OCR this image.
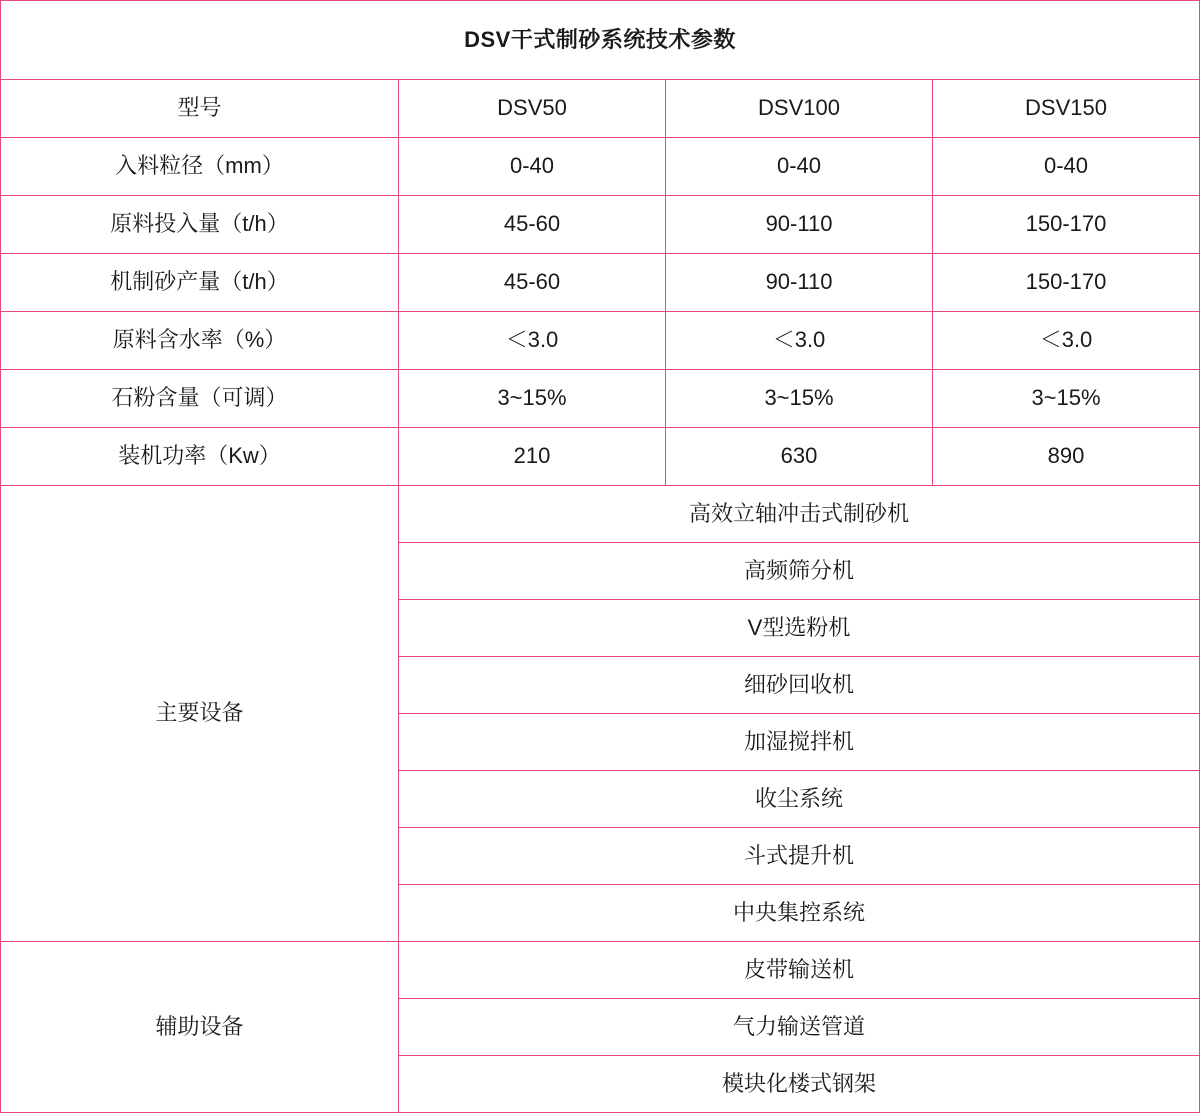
DSV干式制砂系统技术参数			
型号	DSV50	DSV100	DSV150
入料粒径（mm）	0-40	0-40	0-40
原料投入量（t/h）	45-60	90-110	150-170
机制砂产量（t/h）	45-60	90-110	150-170
原料含水率（%）	＜3.0	＜3.0	＜3.0
石粉含量（可调）	3~15%	3~15%	3~15%
装机功率（Kw）	210	630	890
主要设备	高效立轴冲击式制砂机		
	高频筛分机		
	V型选粉机		
	细砂回收机		
	加湿搅拌机		
	收尘系统		
	斗式提升机		
	中央集控系统		
辅助设备	皮带输送机		
	气力输送管道		
	模块化楼式钢架		
